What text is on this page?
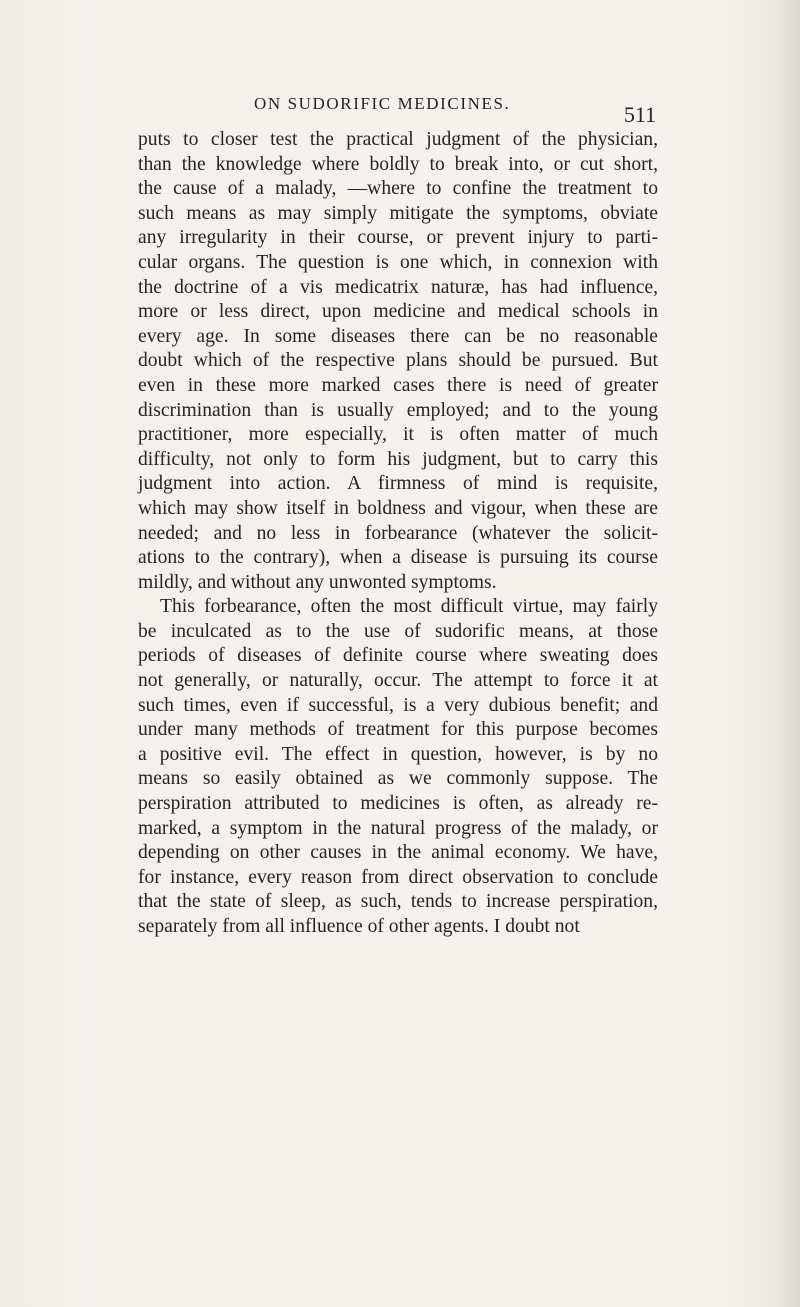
ON SUDORIFIC MEDICINES.	511
puts to closer test the practical judgment of the physician,
than the knowledge where boldly to break into, or cut short,
the cause of a malady, —where to confine the treatment to
such means as may simply mitigate the symptoms, obviate
any irregularity in their course, or prevent injury to parti-
cular organs. The question is one which, in connexion with
the doctrine of a vis medicatrix naturæ, has had influence,
more or less direct, upon medicine and medical schools in
every age. In some diseases there can be no reasonable
doubt which of the respective plans should be pursued. But
even in these more marked cases there is need of greater
discrimination than is usually employed; and to the young
practitioner, more especially, it is often matter of much
difficulty, not only to form his judgment, but to carry this
judgment into action. A firmness of mind is requisite,
which may show itself in boldness and vigour, when these are
needed; and no less in forbearance (whatever the solicit-
ations to the contrary), when a disease is pursuing its course
mildly, and without any unwonted symptoms.
This forbearance, often the most difficult virtue, may fairly
be inculcated as to the use of sudorific means, at those
periods of diseases of definite course where sweating does
not generally, or naturally, occur. The attempt to force it at
such times, even if successful, is a very dubious benefit; and
under many methods of treatment for this purpose becomes
a positive evil. The effect in question, however, is by no
means so easily obtained as we commonly suppose. The
perspiration attributed to medicines is often, as already re-
marked, a symptom in the natural progress of the malady, or
depending on other causes in the animal economy. We have,
for instance, every reason from direct observation to conclude
that the state of sleep, as such, tends to increase perspiration,
separately from all influence of other agents. I doubt not
